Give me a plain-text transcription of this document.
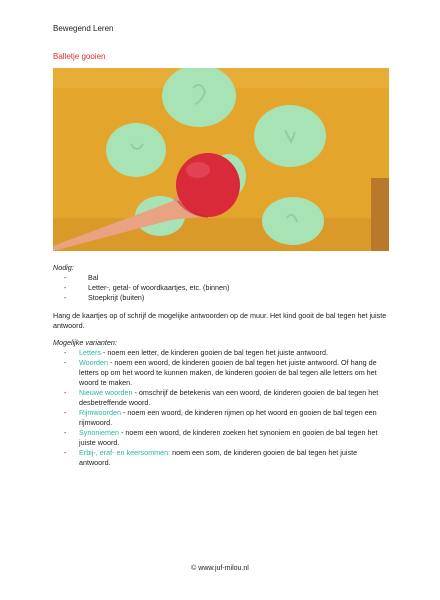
Bewegend Leren
Balletje gooien
Nodig:
- Bal
- Letter-, getal- of woordkaartjes, etc. (binnen)
- Stoepkrijt (buiten)

Hang de kaartjes op of schrijf de mogelijke antwoorden op de muur. Het kind gooit de bal tegen het juiste antwoord.

Mogelijke varianten:
- Letters - noem een letter, de kinderen gooien de bal tegen het juiste antwoord.
- Woorden - noem een woord, de kinderen gooien de bal tegen het juiste antwoord. Of hang de letters op om het woord te kunnen maken, de kinderen gooien de bal tegen alle letters om het woord te maken.
- Nieuwe woorden - omschrijf de betekenis van een woord, de kinderen gooien de bal tegen het desbetreffende woord.
- Rijmwoorden - noem een woord, de kinderen rijmen op het woord en gooien de bal tegen een rijmwoord.
- Synoniemen - noem een woord, de kinderen zoeken het synoniem en gooien de bal tegen het juiste woord.
- Erbij-, eraf- en keersommen: noem een som, de kinderen gooien de bal tegen het juiste antwoord.
© www.juf-milou.nl
